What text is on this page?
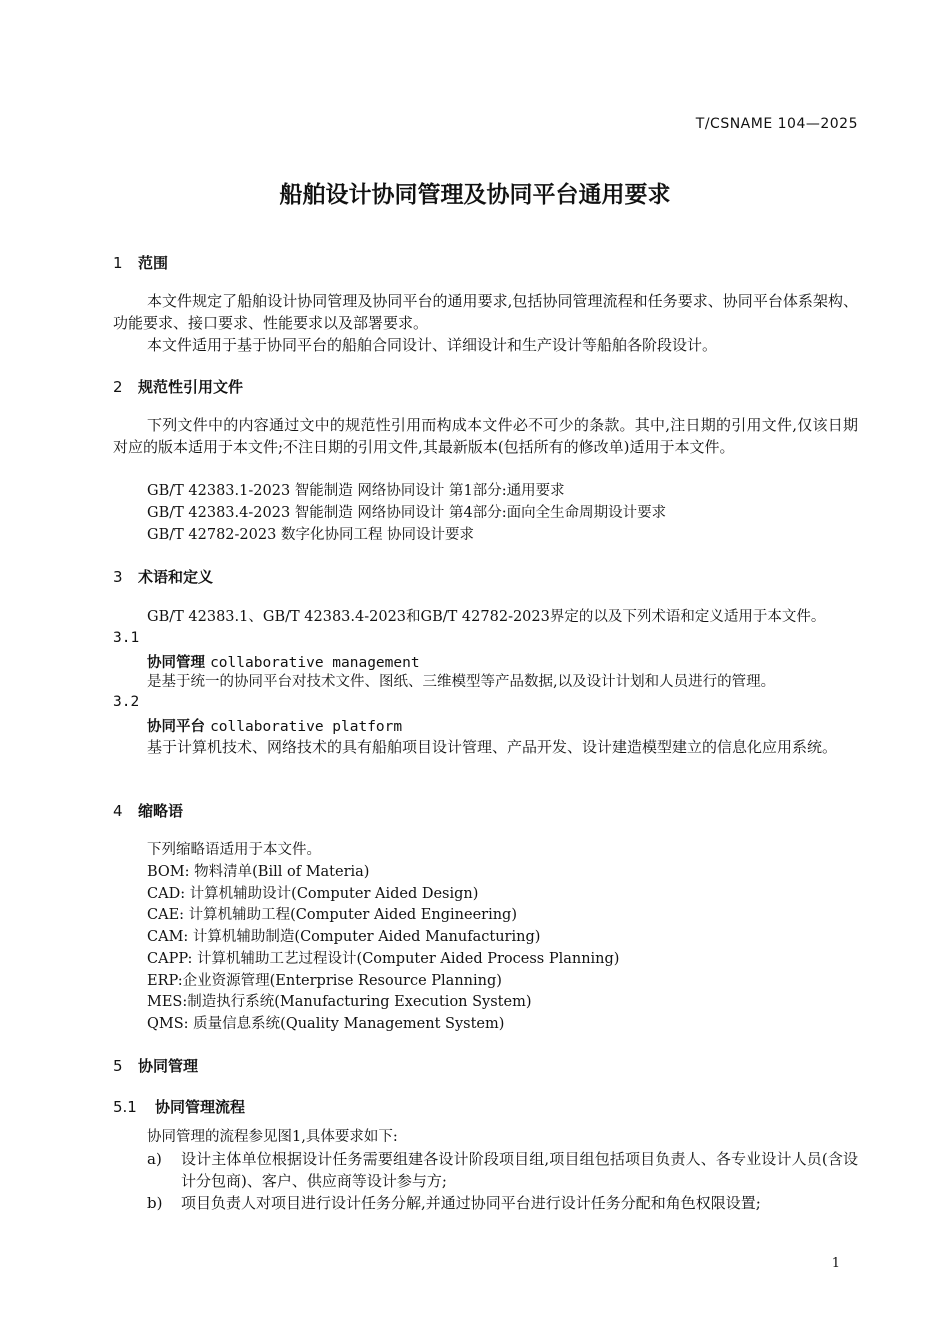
T/CSNAME 104—2025
船舶设计协同管理及协同平台通用要求
1 范围
本文件规定了船舶设计协同管理及协同平台的通用要求,包括协同管理流程和任务要求、协同平台体系架构、功能要求、接口要求、性能要求以及部署要求。
本文件适用于基于协同平台的船舶合同设计、详细设计和生产设计等船舶各阶段设计。
2 规范性引用文件
下列文件中的内容通过文中的规范性引用而构成本文件必不可少的条款。其中,注日期的引用文件,仅该日期对应的版本适用于本文件;不注日期的引用文件,其最新版本(包括所有的修改单)适用于本文件。
GB/T 42383.1-2023 智能制造 网络协同设计 第1部分:通用要求
GB/T 42383.4-2023 智能制造 网络协同设计 第4部分:面向全生命周期设计要求
GB/T 42782-2023 数字化协同工程 协同设计要求
3 术语和定义
GB/T 42383.1、GB/T 42383.4-2023和GB/T 42782-2023界定的以及下列术语和定义适用于本文件。
3.1
协同管理 collaborative management
是基于统一的协同平台对技术文件、图纸、三维模型等产品数据,以及设计计划和人员进行的管理。
3.2
协同平台 collaborative platform
基于计算机技术、网络技术的具有船舶项目设计管理、产品开发、设计建造模型建立的信息化应用系统。
4 缩略语
下列缩略语适用于本文件。
BOM: 物料清单(Bill of Materia)
CAD: 计算机辅助设计(Computer Aided Design)
CAE: 计算机辅助工程(Computer Aided Engineering)
CAM: 计算机辅助制造(Computer Aided Manufacturing)
CAPP: 计算机辅助工艺过程设计(Computer Aided Process Planning)
ERP:企业资源管理(Enterprise Resource Planning)
MES:制造执行系统(Manufacturing Execution System)
QMS: 质量信息系统(Quality Management System)
5 协同管理
5.1 协同管理流程
协同管理的流程参见图1,具体要求如下:
a) 设计主体单位根据设计任务需要组建各设计阶段项目组,项目组包括项目负责人、各专业设计人员(含设计分包商)、客户、供应商等设计参与方;
b) 项目负责人对项目进行设计任务分解,并通过协同平台进行设计任务分配和角色权限设置;
1
